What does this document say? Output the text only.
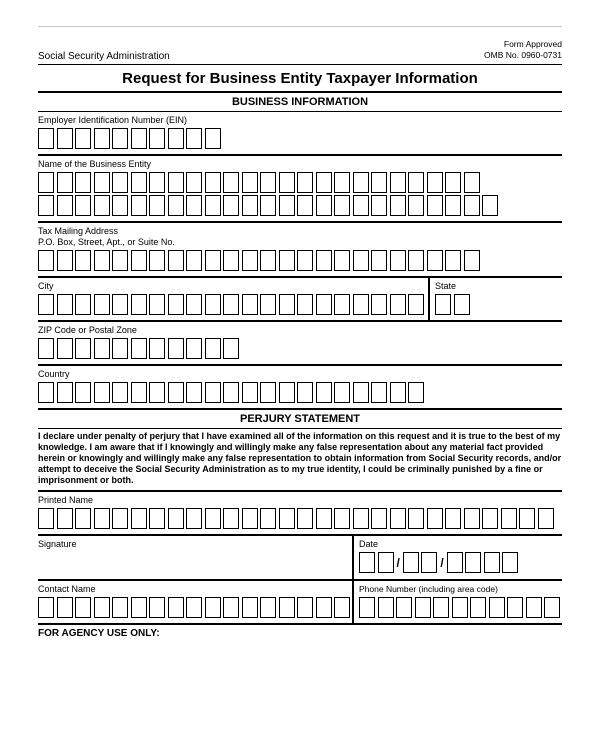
Social Security Administration
Form Approved
OMB No. 0960-0731
Request for Business Entity Taxpayer Information
BUSINESS INFORMATION
Employer Identification Number (EIN)
Name of the Business Entity
Tax Mailing Address
P.O. Box, Street, Apt., or Suite No.
City	State
ZIP Code or Postal Zone
Country
PERJURY STATEMENT
I declare under penalty of perjury that I have examined all of the information on this request and it is true to the best of my knowledge. I am aware that if I knowingly and willingly make any false representation about any material fact provided herein or knowingly and willingly make any false representation to obtain information from Social Security records, and/or attempt to deceive the Social Security Administration as to my true identity, I could be criminally punished by a fine or imprisonment or both.
Printed Name
Signature	Date
/	/
Contact Name	Phone Number (including area code)
FOR AGENCY USE ONLY:
